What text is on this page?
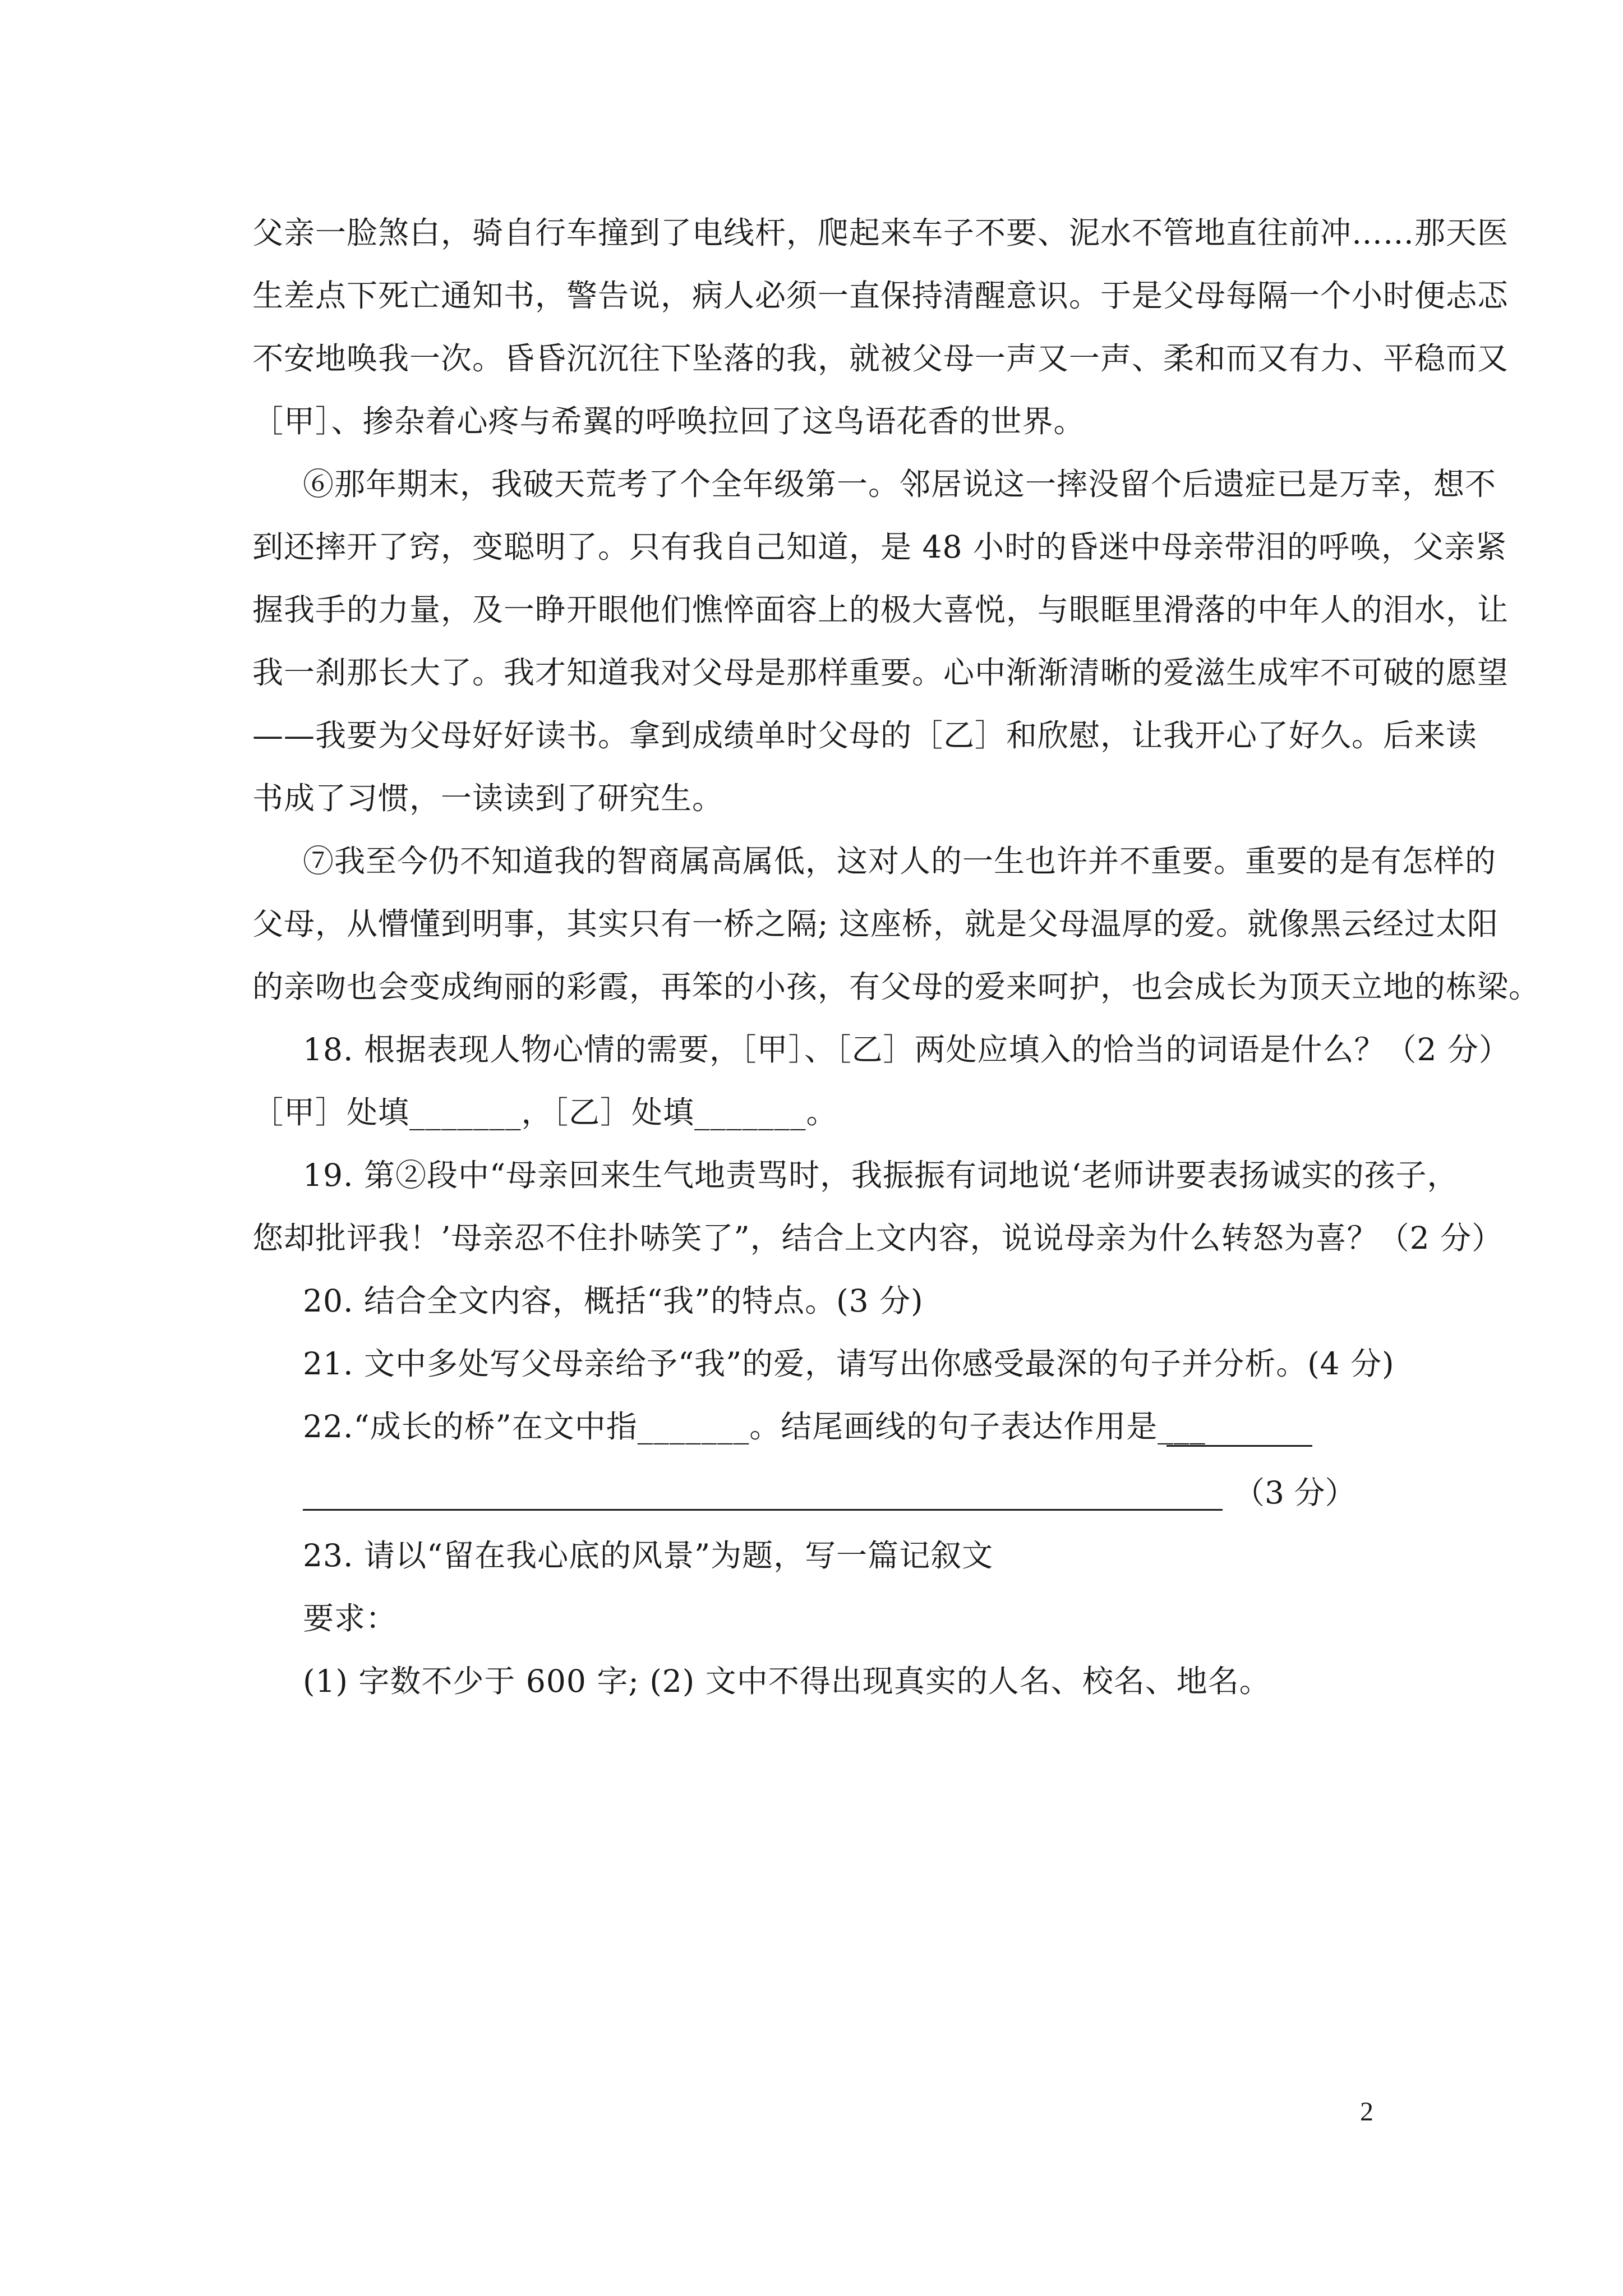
父亲一脸煞白，骑自行车撞到了电线杆，爬起来车子不要、泥水不管地直往前冲……那天医
生差点下死亡通知书，警告说，病人必须一直保持清醒意识。于是父母每隔一个小时便忐忑
不安地唤我一次。昏昏沉沉往下坠落的我，就被父母一声又一声、柔和而又有力、平稳而又
［甲］、掺杂着心疼与希翼的呼唤拉回了这鸟语花香的世界。
⑥那年期末，我破天荒考了个全年级第一。邻居说这一摔没留个后遗症已是万幸，想不
到还摔开了窍，变聪明了。只有我自己知道，是 48 小时的昏迷中母亲带泪的呼唤，父亲紧
握我手的力量，及一睁开眼他们憔悴面容上的极大喜悦，与眼眶里滑落的中年人的泪水，让
我一刹那长大了。我才知道我对父母是那样重要。心中渐渐清晰的爱滋生成牢不可破的愿望
——我要为父母好好读书。拿到成绩单时父母的［乙］和欣慰，让我开心了好久。后来读
书成了习惯，一读读到了研究生。
⑦我至今仍不知道我的智商属高属低，这对人的一生也许并不重要。重要的是有怎样的
父母，从懵懂到明事，其实只有一桥之隔; 这座桥，就是父母温厚的爱。就像黑云经过太阳
的亲吻也会变成绚丽的彩霞，再笨的小孩，有父母的爱来呵护，也会成长为顶天立地的栋梁。
18. 根据表现人物心情的需要，［甲］、［乙］两处应填入的恰当的词语是什么？（2 分）
［甲］处填_______，［乙］处填_______。
19. 第②段中“母亲回来生气地责骂时，我振振有词地说‘老师讲要表扬诚实的孩子，
您却批评我！’母亲忍不住扑哧笑了”，结合上文内容，说说母亲为什么转怒为喜？（2 分）
20. 结合全文内容，概括“我”的特点。(3 分)
21. 文中多处写父母亲给予“我”的爱，请写出你感受最深的句子并分析。(4 分)
22.“成长的桥”在文中指_______。结尾画线的句子表达作用是___
（3 分）
23. 请以“留在我心底的风景”为题，写一篇记叙文
要求：
(1) 字数不少于 600 字; (2) 文中不得出现真实的人名、校名、地名。
2
